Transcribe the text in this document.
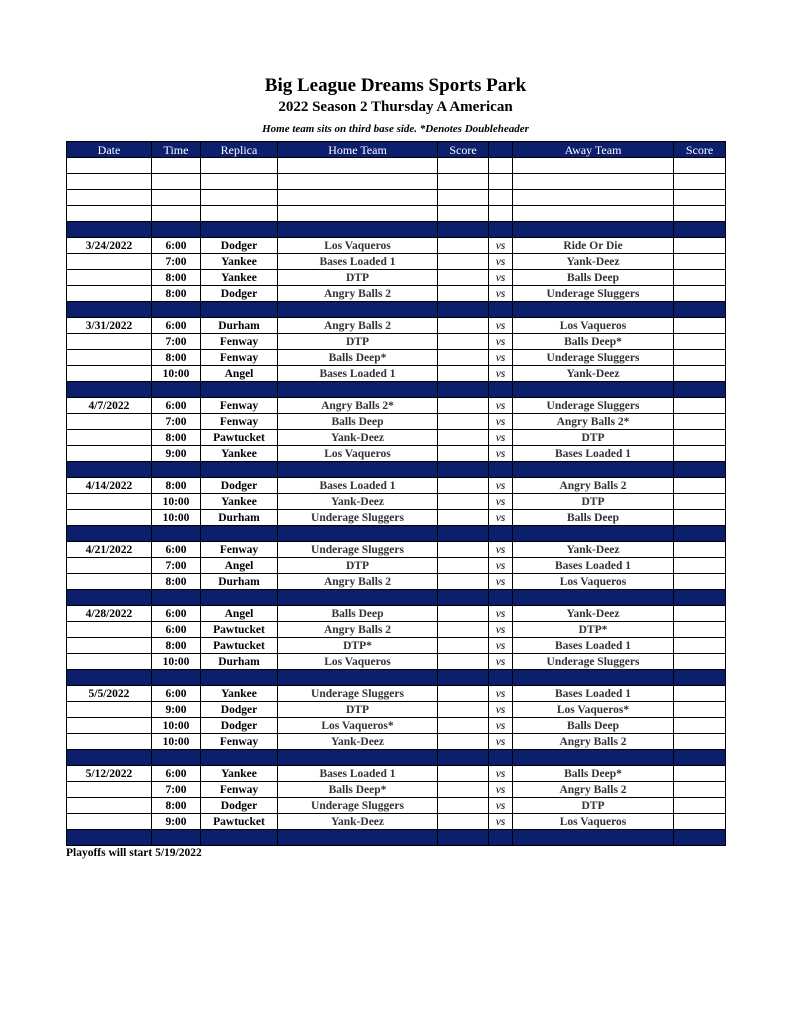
Big League Dreams Sports Park
2022 Season 2 Thursday A American
Home team sits on third base side. *Denotes Doubleheader
Date	Time	Replica	Home Team	Score		Away Team	Score

3/24/2022	6:00	Dodger	Los Vaqueros		vs	Ride Or Die	
	7:00	Yankee	Bases Loaded 1		vs	Yank-Deez	
	8:00	Yankee	DTP		vs	Balls Deep	
	8:00	Dodger	Angry Balls 2		vs	Underage Sluggers	

3/31/2022	6:00	Durham	Angry Balls 2		vs	Los Vaqueros	
	7:00	Fenway	DTP		vs	Balls Deep*	
	8:00	Fenway	Balls Deep*		vs	Underage Sluggers	
	10:00	Angel	Bases Loaded 1		vs	Yank-Deez	

4/7/2022	6:00	Fenway	Angry Balls 2*		vs	Underage Sluggers	
	7:00	Fenway	Balls Deep		vs	Angry Balls 2*	
	8:00	Pawtucket	Yank-Deez		vs	DTP	
	9:00	Yankee	Los Vaqueros		vs	Bases Loaded 1	

4/14/2022	8:00	Dodger	Bases Loaded 1		vs	Angry Balls 2	
	10:00	Yankee	Yank-Deez		vs	DTP	
	10:00	Durham	Underage Sluggers		vs	Balls Deep	

4/21/2022	6:00	Fenway	Underage Sluggers		vs	Yank-Deez	
	7:00	Angel	DTP		vs	Bases Loaded 1	
	8:00	Durham	Angry Balls 2		vs	Los Vaqueros	

4/28/2022	6:00	Angel	Balls Deep		vs	Yank-Deez	
	6:00	Pawtucket	Angry Balls 2		vs	DTP*	
	8:00	Pawtucket	DTP*		vs	Bases Loaded 1	
	10:00	Durham	Los Vaqueros		vs	Underage Sluggers	

5/5/2022	6:00	Yankee	Underage Sluggers		vs	Bases Loaded 1	
	9:00	Dodger	DTP		vs	Los Vaqueros*	
	10:00	Dodger	Los Vaqueros*		vs	Balls Deep	
	10:00	Fenway	Yank-Deez		vs	Angry Balls 2	

5/12/2022	6:00	Yankee	Bases Loaded 1		vs	Balls Deep*	
	7:00	Fenway	Balls Deep*		vs	Angry Balls 2	
	8:00	Dodger	Underage Sluggers		vs	DTP	
	9:00	Pawtucket	Yank-Deez		vs	Los Vaqueros	

Playoffs will start 5/19/2022
